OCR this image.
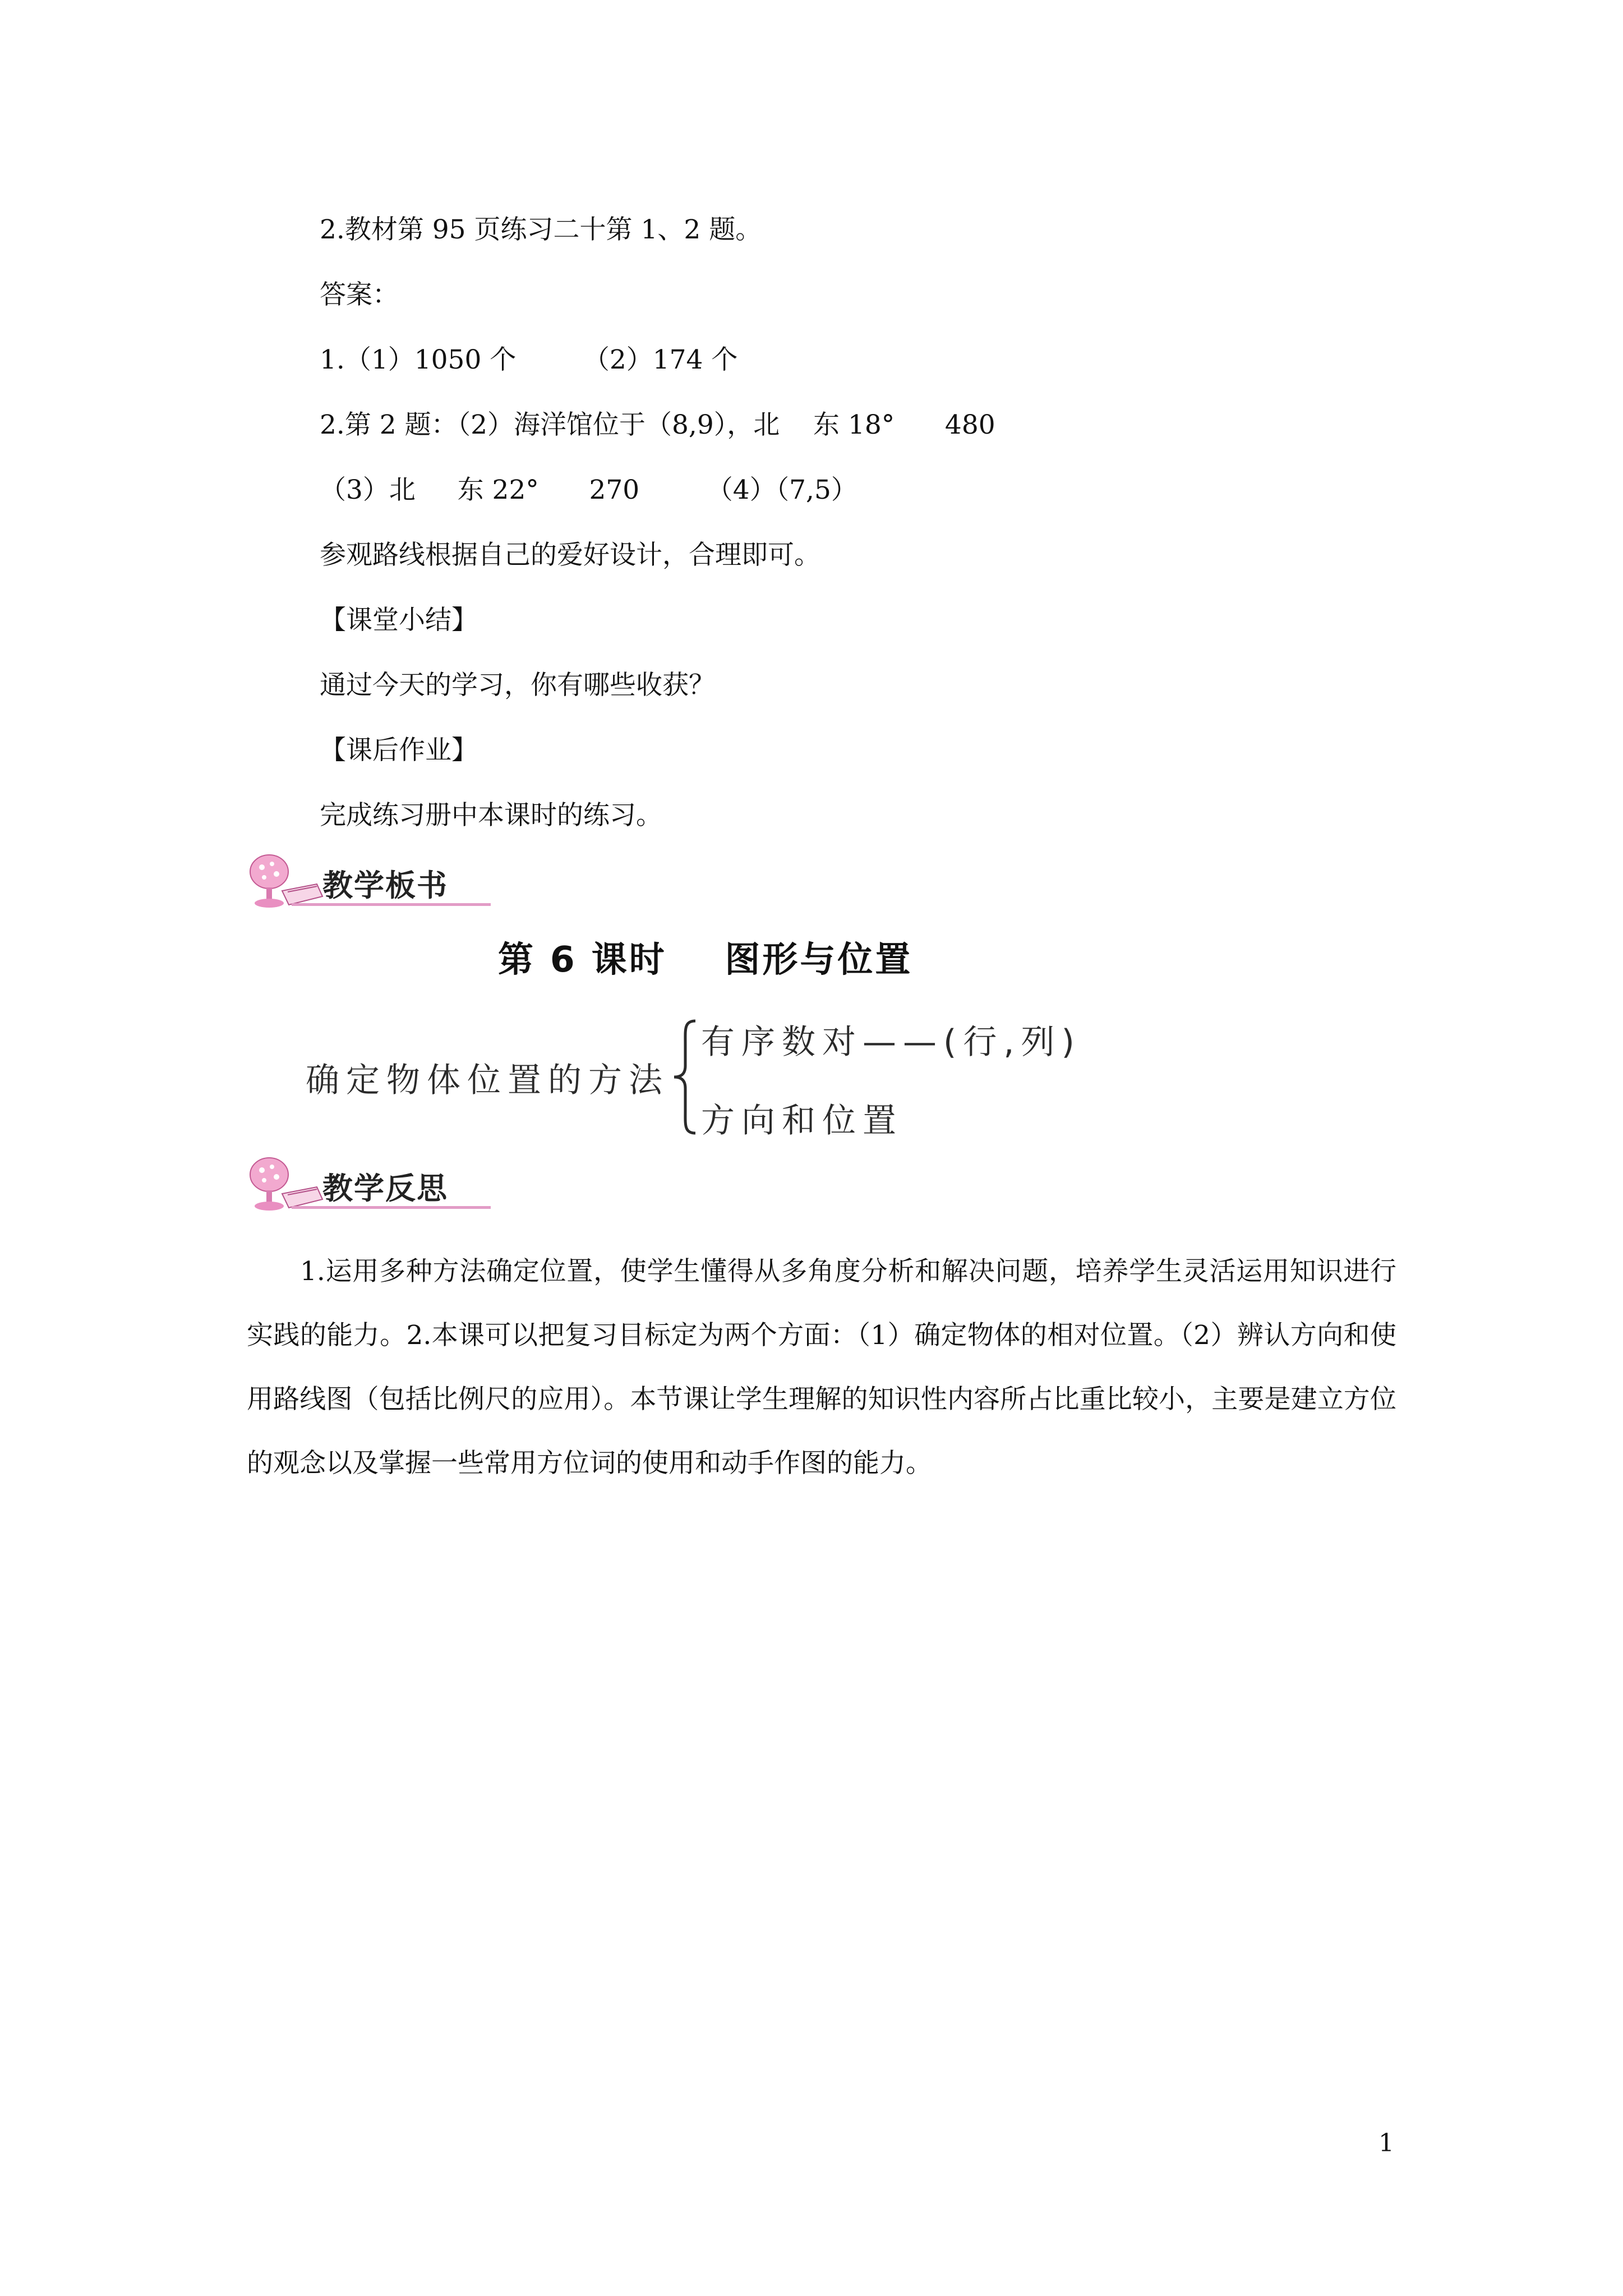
2.教材第 95 页练习二十第 1、2 题。
答案：
1.（1）1050 个        （2）174 个
2.第 2 题：（2）海洋馆位于（8,9），北    东 18°      480
（3）北     东 22°      270        （4）（7,5）
参观路线根据自己的爱好设计，合理即可。
【课堂小结】
通过今天的学习，你有哪些收获？
【课后作业】
完成练习册中本课时的练习。
教学板书
第 6 课时    图形与位置
确定物体位置的方法
有序数对——(行,列)
方向和位置
教学反思
1.运用多种方法确定位置，使学生懂得从多角度分析和解决问题，培养学生灵活运用知识进行实践的能力。2.本课可以把复习目标定为两个方面：（1）确定物体的相对位置。（2）辨认方向和使用路线图（包括比例尺的应用）。本节课让学生理解的知识性内容所占比重比较小，主要是建立方位的观念以及掌握一些常用方位词的使用和动手作图的能力。
1
